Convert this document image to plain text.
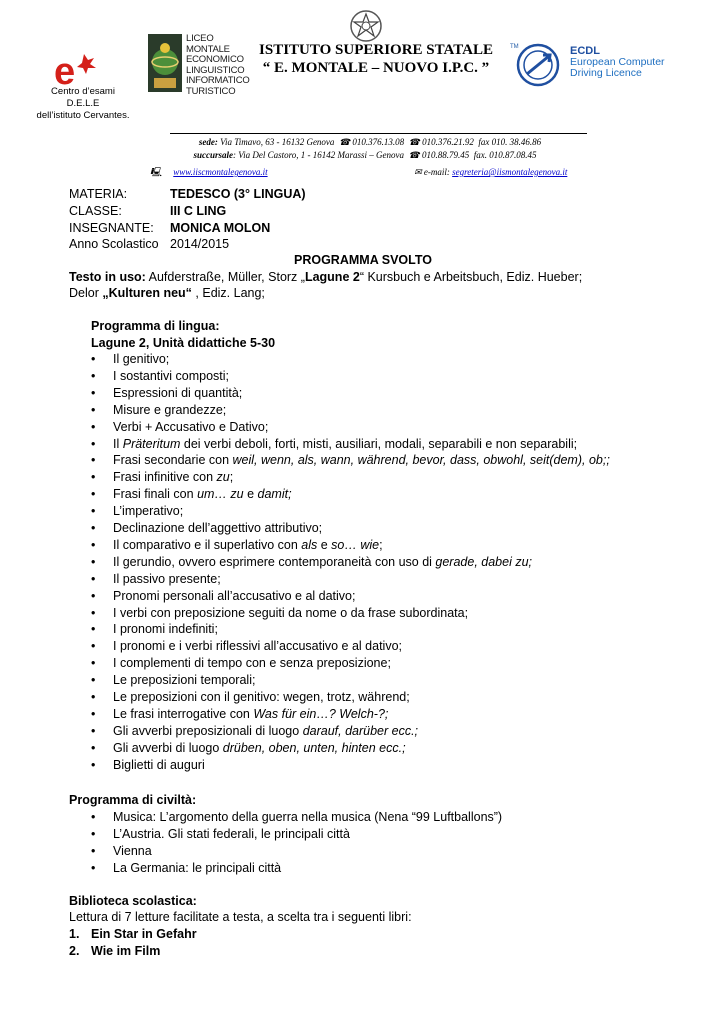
e
Centro d’esami
D.E.L.E
dell’istituto Cervantes.
LICEO MONTALE
ECONOMICO
LINGUISTICO
INFORMATICO
TURISTICO
ISTITUTO SUPERIORE STATALE
“ E. MONTALE – NUOVO I.P.C. ”
TM	ECDL
European Computer
Driving Licence
sede: Via Timavo, 63 - 16132 Genova ☎ 010.376.13.08 ☎ 010.376.21.92 fax 010. 38.46.86
succursale: Via Del Castoro, 1 - 16142 Marassi – Genova ☎ 010.88.79.45 fax. 010.87.08.45
🖳 www.iiscmontalegenova.it	✉ e-mail: segreteria@iismontalegenova.it
MATERIA:	TEDESCO (3° LINGUA)
CLASSE:	III C LING
INSEGNANTE: MONICA MOLON
Anno Scolastico 2014/2015
PROGRAMMA SVOLTO
Testo in uso: Aufderstraße, Müller, Storz „Lagune 2“ Kursbuch e Arbeitsbuch, Ediz. Hueber;
Delor „Kulturen neu“ , Ediz. Lang;
Programma di lingua:
Lagune 2, Unità didattiche 5-30
• Il genitivo;
• I sostantivi composti;
• Espressioni di quantità;
• Misure e grandezze;
• Verbi + Accusativo e Dativo;
• Il Präteritum dei verbi deboli, forti, misti, ausiliari, modali, separabili e non separabili;
• Frasi secondarie con weil, wenn, als, wann, während, bevor, dass, obwohl, seit(dem), ob;;
• Frasi infinitive con zu;
• Frasi finali con um… zu e damit;
• L’imperativo;
• Declinazione dell’aggettivo attributivo;
• Il comparativo e il superlativo con als e so… wie;
• Il gerundio, ovvero esprimere contemporaneità con uso di gerade, dabei zu;
• Il passivo presente;
• Pronomi personali all’accusativo e al dativo;
• I verbi con preposizione seguiti da nome o da frase subordinata;
• I pronomi indefiniti;
• I pronomi e i verbi riflessivi all’accusativo e al dativo;
• I complementi di tempo con e senza preposizione;
• Le preposizioni temporali;
• Le preposizioni con il genitivo: wegen, trotz, während;
• Le frasi interrogative con Was für ein…? Welch-?;
• Gli avverbi preposizionali di luogo darauf, darüber ecc.;
• Gli avverbi di luogo drüben, oben, unten, hinten ecc.;
• Biglietti di auguri
Programma di civiltà:
• Musica: L’argomento della guerra nella musica (Nena “99 Luftballons”)
• L’Austria. Gli stati federali, le principali città
• Vienna
• La Germania: le principali città
Biblioteca scolastica:
Lettura di 7 letture facilitate a testa, a scelta tra i seguenti libri:
1. Ein Star in Gefahr
2. Wie im Film
